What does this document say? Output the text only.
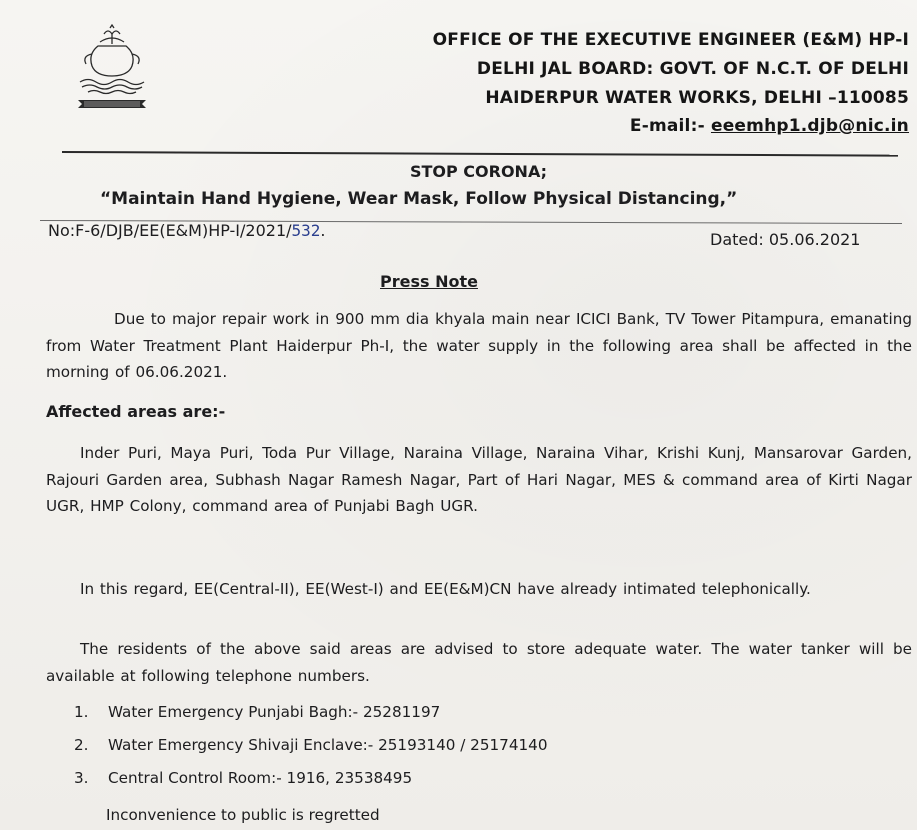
OFFICE OF THE EXECUTIVE ENGINEER (E&M) HP-I
DELHI JAL BOARD: GOVT. OF N.C.T. OF DELHI
HAIDERPUR WATER WORKS, DELHI –110085
E-mail:- eeemhp1.djb@nic.in
STOP CORONA;
“Maintain Hand Hygiene, Wear Mask, Follow Physical Distancing,”
No:F-6/DJB/EE(E&M)HP-I/2021/532.	Dated: 05.06.2021
Press Note
Due to major repair work in 900 mm dia khyala main near ICICI Bank, TV Tower Pitampura, emanating from Water Treatment Plant Haiderpur Ph-I, the water supply in the following area shall be affected in the morning of 06.06.2021.
Affected areas are:-
Inder Puri, Maya Puri, Toda Pur Village, Naraina Village, Naraina Vihar, Krishi Kunj, Mansarovar Garden, Rajouri Garden area, Subhash Nagar Ramesh Nagar, Part of Hari Nagar, MES & command area of Kirti Nagar UGR, HMP Colony, command area of Punjabi Bagh UGR.
In this regard, EE(Central-II), EE(West-I) and EE(E&M)CN have already intimated telephonically.
The residents of the above said areas are advised to store adequate water. The water tanker will be available at following telephone numbers.
1. Water Emergency Punjabi Bagh:- 25281197
2. Water Emergency Shivaji Enclave:- 25193140 / 25174140
3. Central Control Room:- 1916, 23538495
Inconvenience to public is regretted
